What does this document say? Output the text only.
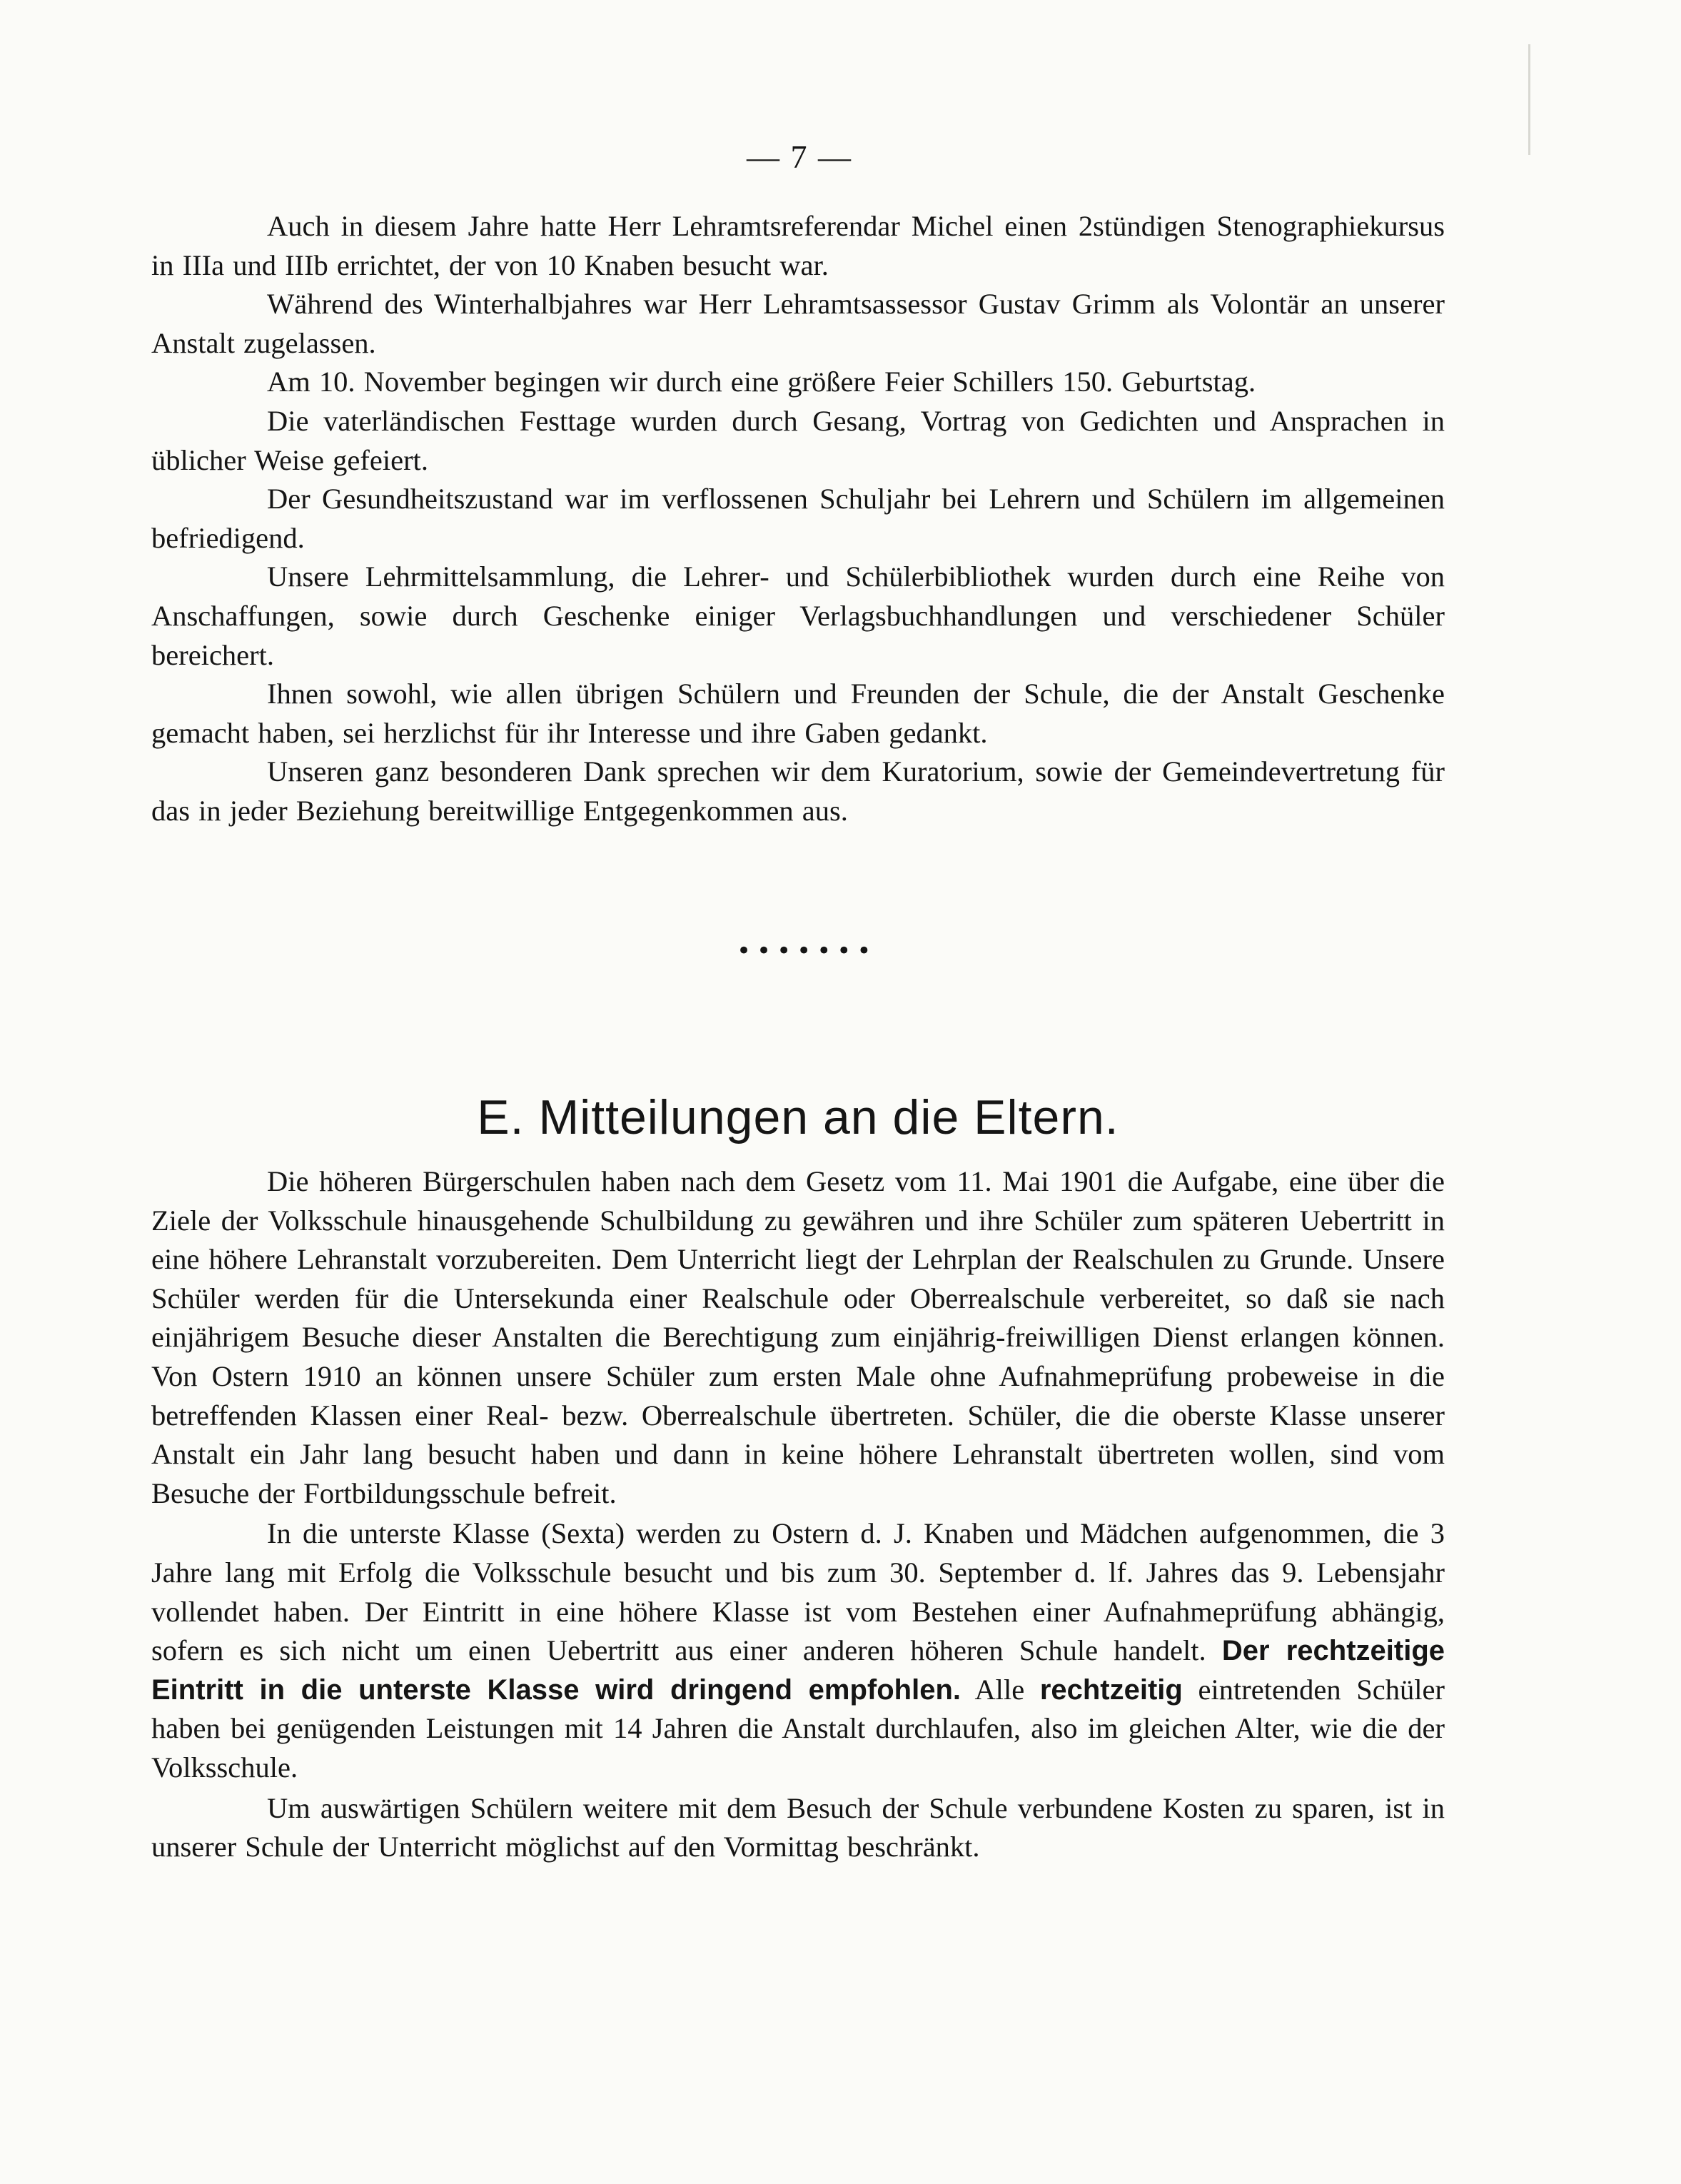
— 7 —

Auch in diesem Jahre hatte Herr Lehramtsreferendar Michel einen 2stündigen Stenographiekursus in IIIa und IIIb errichtet, der von 10 Knaben besucht war.

Während des Winterhalbjahres war Herr Lehramtsassessor Gustav Grimm als Volontär an unserer Anstalt zugelassen.

Am 10. November begingen wir durch eine größere Feier Schillers 150. Geburtstag.

Die vaterländischen Festtage wurden durch Gesang, Vortrag von Gedichten und Ansprachen in üblicher Weise gefeiert.

Der Gesundheitszustand war im verflossenen Schuljahr bei Lehrern und Schülern im allgemeinen befriedigend.

Unsere Lehrmittelsammlung, die Lehrer- und Schülerbibliothek wurden durch eine Reihe von Anschaffungen, sowie durch Geschenke einiger Verlagsbuchhandlungen und verschiedener Schüler bereichert.

Ihnen sowohl, wie allen übrigen Schülern und Freunden der Schule, die der Anstalt Geschenke gemacht haben, sei herzlichst für ihr Interesse und ihre Gaben gedankt.

Unseren ganz besonderen Dank sprechen wir dem Kuratorium, sowie der Gemeindevertretung für das in jeder Beziehung bereitwillige Entgegenkommen aus.

•••••••
E. Mitteilungen an die Eltern.

Die höheren Bürgerschulen haben nach dem Gesetz vom 11. Mai 1901 die Aufgabe, eine über die Ziele der Volksschule hinausgehende Schulbildung zu gewähren und ihre Schüler zum späteren Uebertritt in eine höhere Lehranstalt vorzubereiten. Dem Unterricht liegt der Lehrplan der Realschulen zu Grunde. Unsere Schüler werden für die Untersekunda einer Realschule oder Oberrealschule verbereitet, so daß sie nach einjährigem Besuche dieser Anstalten die Berechtigung zum einjährig-freiwilligen Dienst erlangen können. Von Ostern 1910 an können unsere Schüler zum ersten Male ohne Aufnahmeprüfung probeweise in die betreffenden Klassen einer Real- bezw. Oberrealschule übertreten. Schüler, die die oberste Klasse unserer Anstalt ein Jahr lang besucht haben und dann in keine höhere Lehranstalt übertreten wollen, sind vom Besuche der Fortbildungsschule befreit.

In die unterste Klasse (Sexta) werden zu Ostern d. J. Knaben und Mädchen aufgenommen, die 3 Jahre lang mit Erfolg die Volksschule besucht und bis zum 30. September d. lf. Jahres das 9. Lebensjahr vollendet haben. Der Eintritt in eine höhere Klasse ist vom Bestehen einer Aufnahmeprüfung abhängig, sofern es sich nicht um einen Uebertritt aus einer anderen höheren Schule handelt. Der rechtzeitige Eintritt in die unterste Klasse wird dringend empfohlen. Alle rechtzeitig eintretenden Schüler haben bei genügenden Leistungen mit 14 Jahren die Anstalt durchlaufen, also im gleichen Alter, wie die der Volksschule.

Um auswärtigen Schülern weitere mit dem Besuch der Schule verbundene Kosten zu sparen, ist in unserer Schule der Unterricht möglichst auf den Vormittag beschränkt.
